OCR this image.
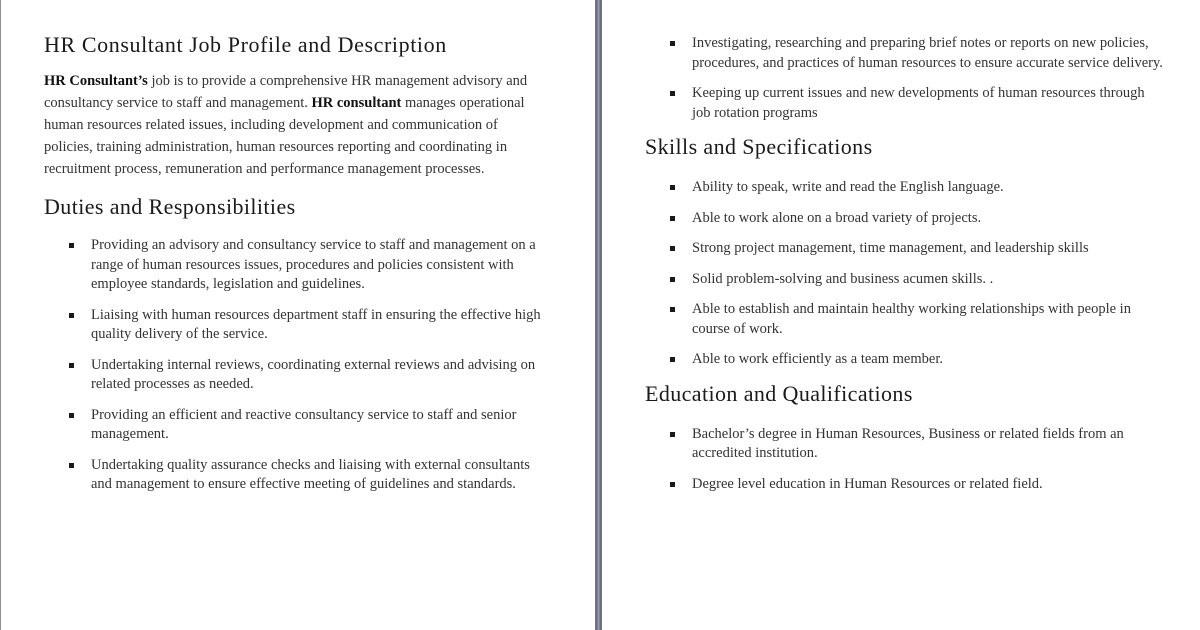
HR Consultant Job Profile and Description

HR Consultant’s job is to provide a comprehensive HR management advisory and consultancy service to staff and management. HR consultant manages operational human resources related issues, including development and communication of policies, training administration, human resources reporting and coordinating in recruitment process, remuneration and performance management processes.

Duties and Responsibilities
Providing an advisory and consultancy service to staff and management on a range of human resources issues, procedures and policies consistent with employee standards, legislation and guidelines.
Liaising with human resources department staff in ensuring the effective high quality delivery of the service.
Undertaking internal reviews, coordinating external reviews and advising on related processes as needed.
Providing an efficient and reactive consultancy service to staff and senior management.
Undertaking quality assurance checks and liaising with external consultants and management to ensure effective meeting of guidelines and standards.
Investigating, researching and preparing brief notes or reports on new policies, procedures, and practices of human resources to ensure accurate service delivery.
Keeping up current issues and new developments of human resources through job rotation programs
Skills and Specifications
Ability to speak, write and read the English language.
Able to work alone on a broad variety of projects.
Strong project management, time management, and leadership skills
Solid problem-solving and business acumen skills. .
Able to establish and maintain healthy working relationships with people in course of work.
Able to work efficiently as a team member.
Education and Qualifications
Bachelor’s degree in Human Resources, Business or related fields from an accredited institution.
Degree level education in Human Resources or related field.
